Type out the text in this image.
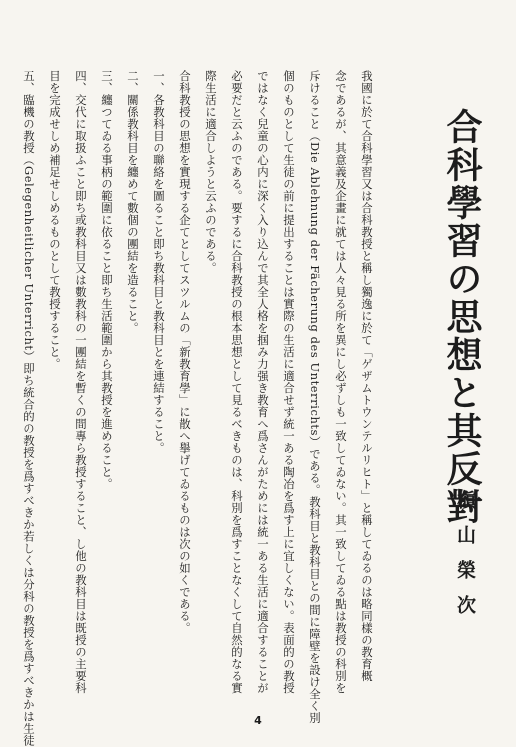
合科學習の思想と其反對
槇山榮次
我國に於て合科學習又は合科教授と稱し獨逸に於て「ゲザムトウンテルリヒト」と稱してゐるのは略同樣の教育概
念であるが、其意義及企畫に就ては人々見る所を異にし必ずしも一致してゐない。其一致してゐる點は教授の科別を
斥けること（Die Ablehnung der Fächerung des Unterrichts）である。教科目と教科目との間に障壁を設け全く別
個のものとして生徒の前に提出することは實際の生活に適合せず統一ある陶冶を爲す上に宜しくない。表面的の教授
ではなく兒童の心内に深く入り込んで其全人格を掴み力强き教育へ爲さんがためには統一ある生活に適合することが
必要だと云ふのである。要するに合科教授の根本思想として見るべきものは、科別を爲すことなくして自然的なる實
際生活に適合しようと云ふのである。
合科教授の思想を實現する企てとしてスツルムの「新教育學」に散へ擧げてゐるものは次の如くである。
一、各教科目の聯絡を圖ること即ち教科目と教科目とを連結すること。
二、關係教科目を纏めて數個の團結を造ること。
三、纏つてゐる事柄の範圍に依ること即ち生活範圍から其教授を進めること。
四、交代に取扱ふこと即ち或教科目又は數教科の一團結を暫くの間專ら教授すること、し他の教科目は既授の主要科
目を完成せしめ補足せしめるものとして教授すること。
五、臨機の教授（Gelegenheitlicher Unterricht）即ち統合的の教授を爲すべきか若しくは分科の教授を爲すべきかは生徒	4
